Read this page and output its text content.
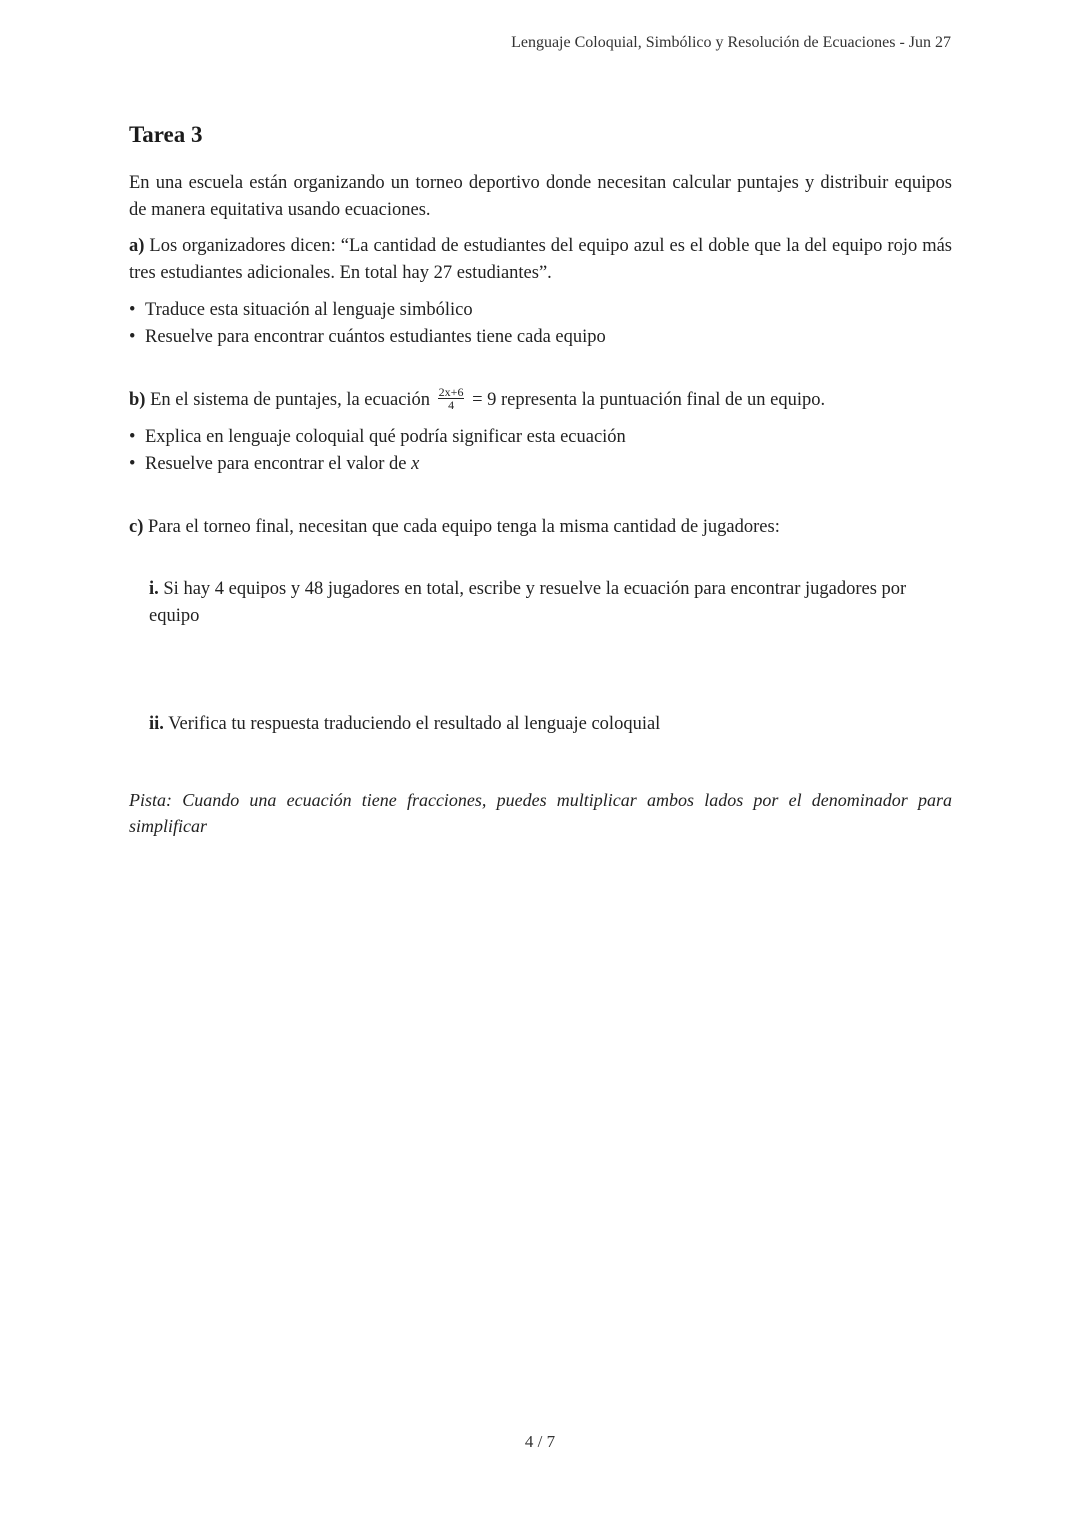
Lenguaje Coloquial, Simbólico y Resolución de Ecuaciones - Jun 27
Tarea 3

En una escuela están organizando un torneo deportivo donde necesitan calcular puntajes y distribuir equipos de manera equitativa usando ecuaciones.

a) Los organizadores dicen: “La cantidad de estudiantes del equipo azul es el doble que la del equipo rojo más tres estudiantes adicionales. En total hay 27 estudiantes”.

• Traduce esta situación al lenguaje simbólico
• Resuelve para encontrar cuántos estudiantes tiene cada equipo

b) En el sistema de puntajes, la ecuación $\frac{2x+6}{4} = 9$ representa la puntuación final de un equipo.

• Explica en lenguaje coloquial qué podría significar esta ecuación
• Resuelve para encontrar el valor de x

c) Para el torneo final, necesitan que cada equipo tenga la misma cantidad de jugadores:

i. Si hay 4 equipos y 48 jugadores en total, escribe y resuelve la ecuación para encontrar jugadores por equipo

ii. Verifica tu respuesta traduciendo el resultado al lenguaje coloquial

Pista: Cuando una ecuación tiene fracciones, puedes multiplicar ambos lados por el denominador para simplificar

4 / 7
